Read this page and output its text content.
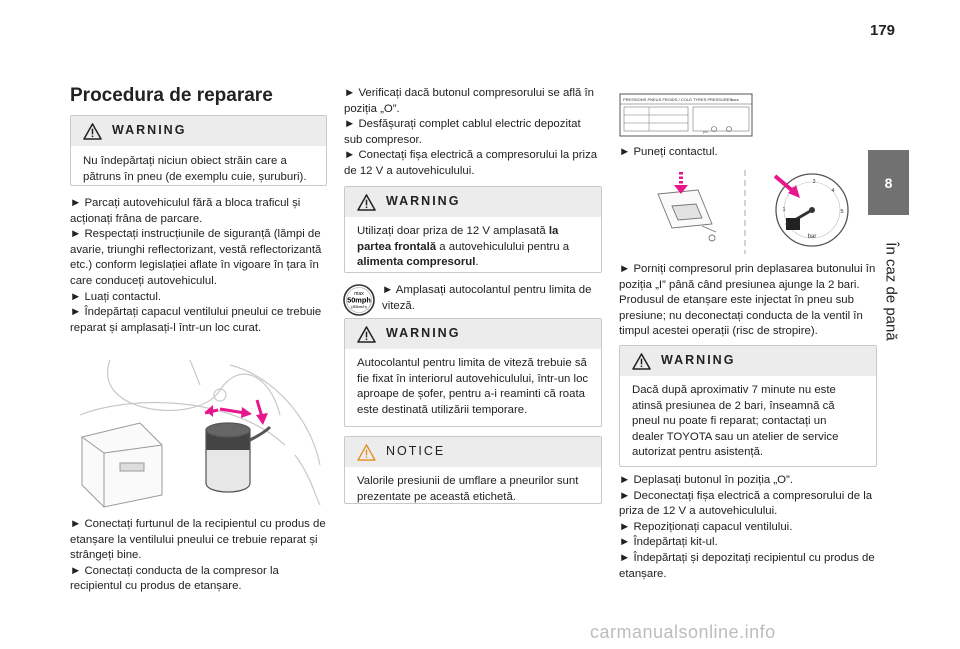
179
8
În caz de pană
Procedura de reparare
WARNING
Nu îndepărtați niciun obiect străin care a pătruns în pneu (de exemplu cuie, șuruburi).

► Parcați autovehiculul fără a bloca traficul și acționați frâna de parcare.

► Respectați instrucțiunile de siguranță (lămpi de avarie, triunghi reflectorizant, vestă reflectorizantă etc.) conform legislației aflate în vigoare în țara în care conduceți autovehiculul.

► Luați contactul.

► Îndepărtați capacul ventilului pneului ce trebuie reparat și amplasați-l într-un loc curat.

► Conectați furtunul de la recipientul cu produs de etanșare la ventilului pneului ce trebuie reparat și strângeți bine.

► Conectați conducta de la compresor la recipientul cu produs de etanșare.

► Verificați dacă butonul compresorului se află în poziția „O”.

► Desfășurați complet cablul electric depozitat sub compresor.

► Conectați fișa electrică a compresorului la priza de 12 V a autovehiculului.

WARNING
Utilizați doar priza de 12 V amplasată la partea frontală a autovehiculului pentru a alimenta compresorul.
max
50mph
(80km/h)
► Amplasați autocolantul pentru limita de viteză.
WARNING
Autocolantul pentru limita de viteză trebuie să fie fixat în interiorul autovehiculului, într-un loc aproape de șofer, pentru a-i reaminti că roata este destinată utilizării temporare.
NOTICE
Valorile presiunii de umflare a pneurilor sunt prezentate pe această etichetă.
PRESSIONS PNEUS FROIDS / COLD TYRES PRESSURES
bars
psi
► Puneți contactul.
bar
0
1
3
4
5
► Porniți compresorul prin deplasarea butonului în poziția „I” până când presiunea ajunge la 2 bari. Produsul de etanșare este injectat în pneu sub presiune; nu deconectați conducta de la ventil în timpul acestei operații (risc de stropire).
WARNING
Dacă după aproximativ 7 minute nu este atinsă presiunea de 2 bari, înseamnă că pneul nu poate fi reparat; contactați un dealer TOYOTA sau un atelier de service autorizat pentru asistență.

► Deplasați butonul în poziția „O”.

► Deconectați fișa electrică a compresorului de la priza de 12 V a autovehiculului.

► Repoziționați capacul ventilului.

► Îndepărtați kit-ul.

► Îndepărtați și depozitați recipientul cu produs de etanșare.

carmanualsonline.info
